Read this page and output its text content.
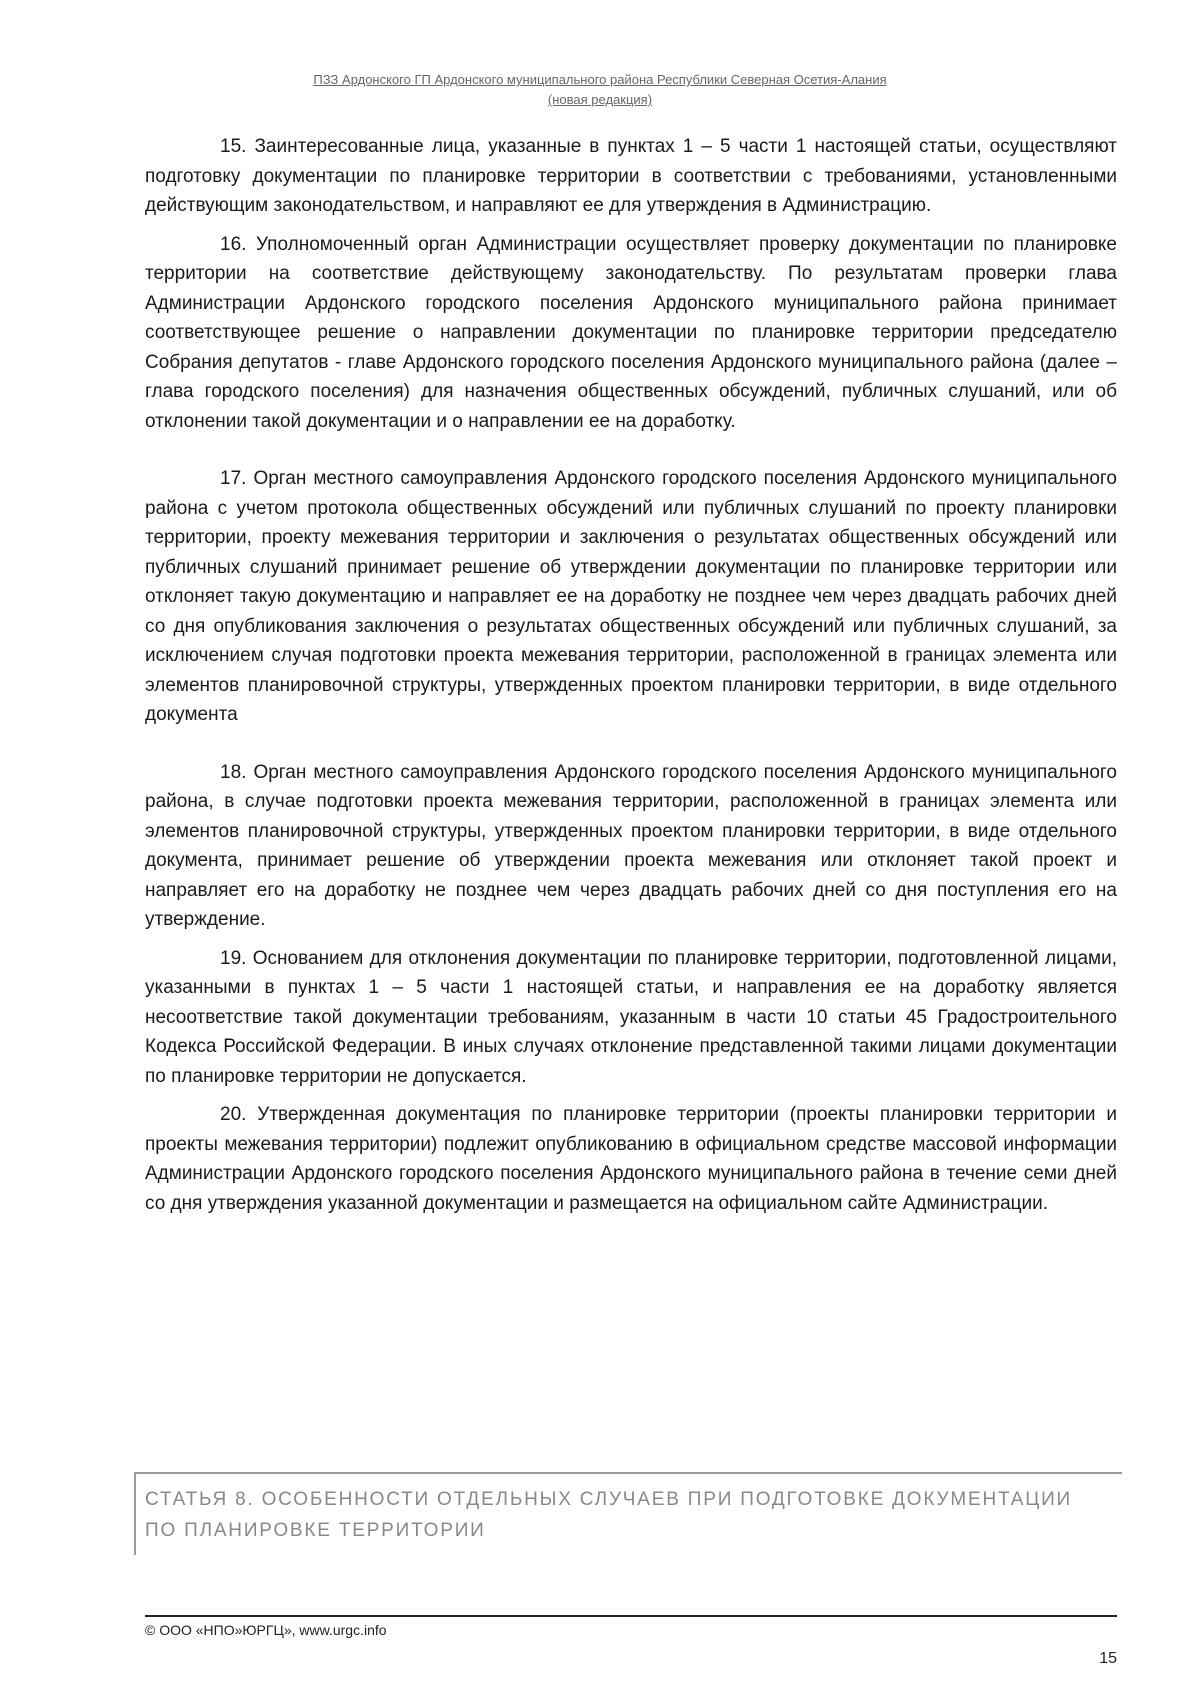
ПЗЗ Ардонского ГП Ардонского муниципального района Республики Северная Осетия-Алания
(новая редакция)

15. Заинтересованные лица, указанные в пунктах 1 – 5 части 1 настоящей статьи, осуществляют подготовку документации по планировке территории в соответствии с требованиями, установленными действующим законодательством, и направляют ее для утверждения в Администрацию.

16. Уполномоченный орган Администрации осуществляет проверку документации по планировке территории на соответствие действующему законодательству. По результатам проверки глава Администрации Ардонского городского поселения Ардонского муниципального района принимает соответствующее решение о направлении документации по планировке территории председателю Собрания депутатов - главе Ардонского городского поселения Ардонского муниципального района (далее – глава городского поселения) для назначения общественных обсуждений, публичных слушаний, или об отклонении такой документации и о направлении ее на доработку.

17. Орган местного самоуправления Ардонского городского поселения Ардонского муниципального района с учетом протокола общественных обсуждений или публичных слушаний по проекту планировки территории, проекту межевания территории и заключения о результатах общественных обсуждений или публичных слушаний принимает решение об утверждении документации по планировке территории или отклоняет такую документацию и направляет ее на доработку не позднее чем через двадцать рабочих дней со дня опубликования заключения о результатах общественных обсуждений или публичных слушаний, за исключением случая подготовки проекта межевания территории, расположенной в границах элемента или элементов планировочной структуры, утвержденных проектом планировки территории, в виде отдельного документа

18. Орган местного самоуправления Ардонского городского поселения Ардонского муниципального района, в случае подготовки проекта межевания территории, расположенной в границах элемента или элементов планировочной структуры, утвержденных проектом планировки территории, в виде отдельного документа, принимает решение об утверждении проекта межевания или отклоняет такой проект и направляет его на доработку не позднее чем через двадцать рабочих дней со дня поступления его на утверждение.

19. Основанием для отклонения документации по планировке территории, подготовленной лицами, указанными в пунктах 1 – 5 части 1 настоящей статьи, и направления ее на доработку является несоответствие такой документации требованиям, указанным в части 10 статьи 45 Градостроительного Кодекса Российской Федерации. В иных случаях отклонение представленной такими лицами документации по планировке территории не допускается.

20. Утвержденная документация по планировке территории (проекты планировки территории и проекты межевания территории) подлежит опубликованию в официальном средстве массовой информации Администрации Ардонского городского поселения Ардонского муниципального района в течение семи дней со дня утверждения указанной документации и размещается на официальном сайте Администрации.

СТАТЬЯ 8. ОСОБЕННОСТИ ОТДЕЛЬНЫХ СЛУЧАЕВ ПРИ ПОДГОТОВКЕ ДОКУМЕНТАЦИИ ПО ПЛАНИРОВКЕ ТЕРРИТОРИИ
© ООО «НПО»ЮРГЦ», www.urgc.info
15
